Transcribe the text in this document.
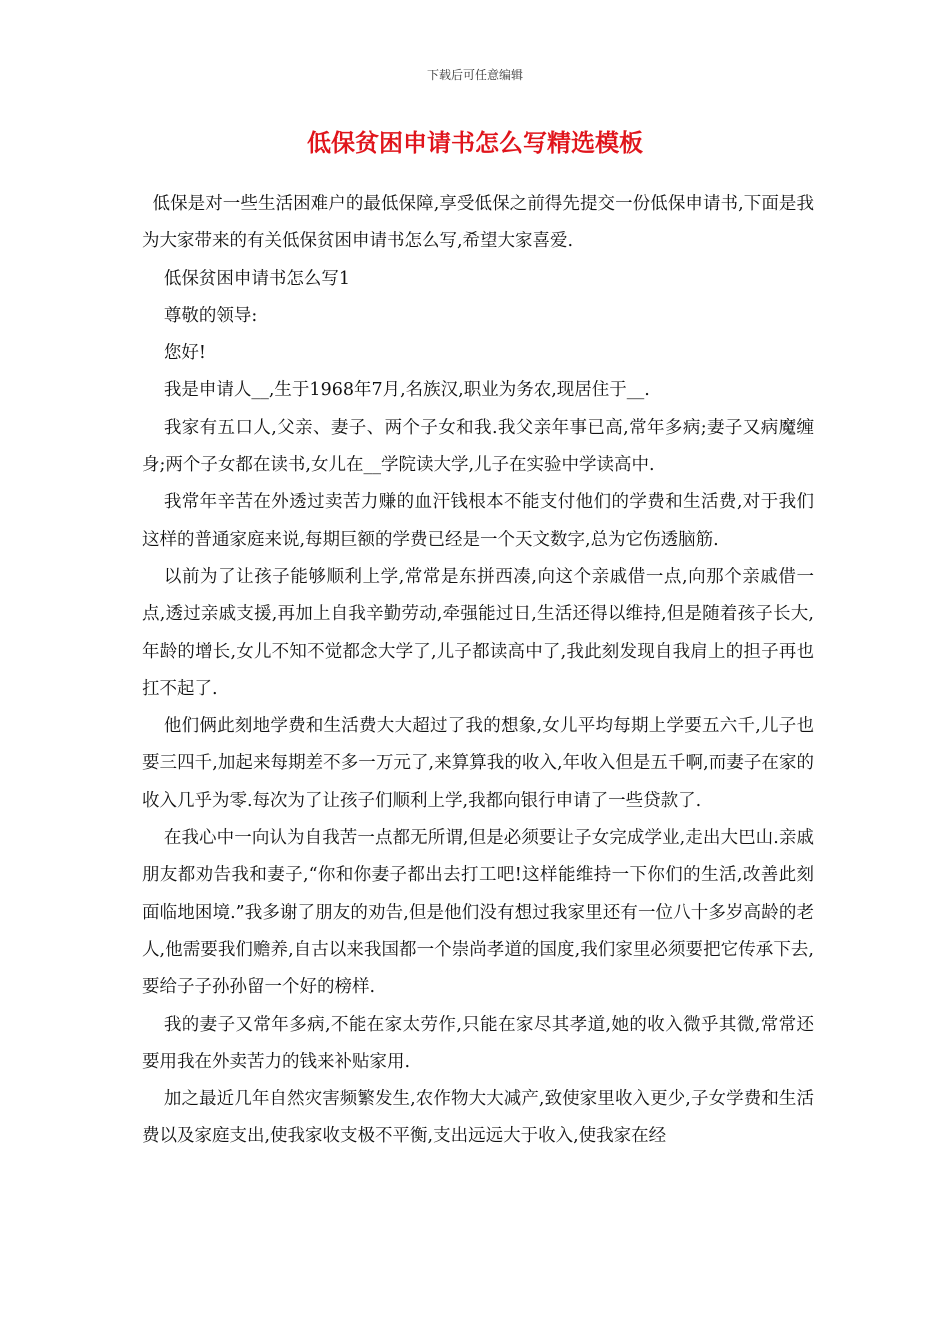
下载后可任意编辑
低保贫困申请书怎么写精选模板

低保是对一些生活困难户的最低保障,享受低保之前得先提交一份低保申请书,下面是我为大家带来的有关低保贫困申请书怎么写,希望大家喜爱.

低保贫困申请书怎么写1

尊敬的领导:

您好!

我是申请人__,生于1968年7月,名族汉,职业为务农,现居住于__.

我家有五口人,父亲、妻子、两个子女和我.我父亲年事已高,常年多病;妻子又病魔缠身;两个子女都在读书,女儿在__学院读大学,儿子在实验中学读高中.

我常年辛苦在外透过卖苦力赚的血汗钱根本不能支付他们的学费和生活费,对于我们这样的普通家庭来说,每期巨额的学费已经是一个天文数字,总为它伤透脑筋.

以前为了让孩子能够顺利上学,常常是东拼西凑,向这个亲戚借一点,向那个亲戚借一点,透过亲戚支援,再加上自我辛勤劳动,牵强能过日,生活还得以维持,但是随着孩子长大,年龄的增长,女儿不知不觉都念大学了,儿子都读高中了,我此刻发现自我肩上的担子再也扛不起了.

他们俩此刻地学费和生活费大大超过了我的想象,女儿平均每期上学要五六千,儿子也要三四千,加起来每期差不多一万元了,来算算我的收入,年收入但是五千啊,而妻子在家的收入几乎为零.每次为了让孩子们顺利上学,我都向银行申请了一些贷款了.

在我心中一向认为自我苦一点都无所谓,但是必须要让子女完成学业,走出大巴山.亲戚朋友都劝告我和妻子,“你和你妻子都出去打工吧!这样能维持一下你们的生活,改善此刻面临地困境.”我多谢了朋友的劝告,但是他们没有想过我家里还有一位八十多岁高龄的老人,他需要我们赡养,自古以来我国都一个崇尚孝道的国度,我们家里必须要把它传承下去,要给子子孙孙留一个好的榜样.

我的妻子又常年多病,不能在家太劳作,只能在家尽其孝道,她的收入微乎其微,常常还要用我在外卖苦力的钱来补贴家用.

加之最近几年自然灾害频繁发生,农作物大大减产,致使家里收入更少,子女学费和生活费以及家庭支出,使我家收支极不平衡,支出远远大于收入,使我家在经
